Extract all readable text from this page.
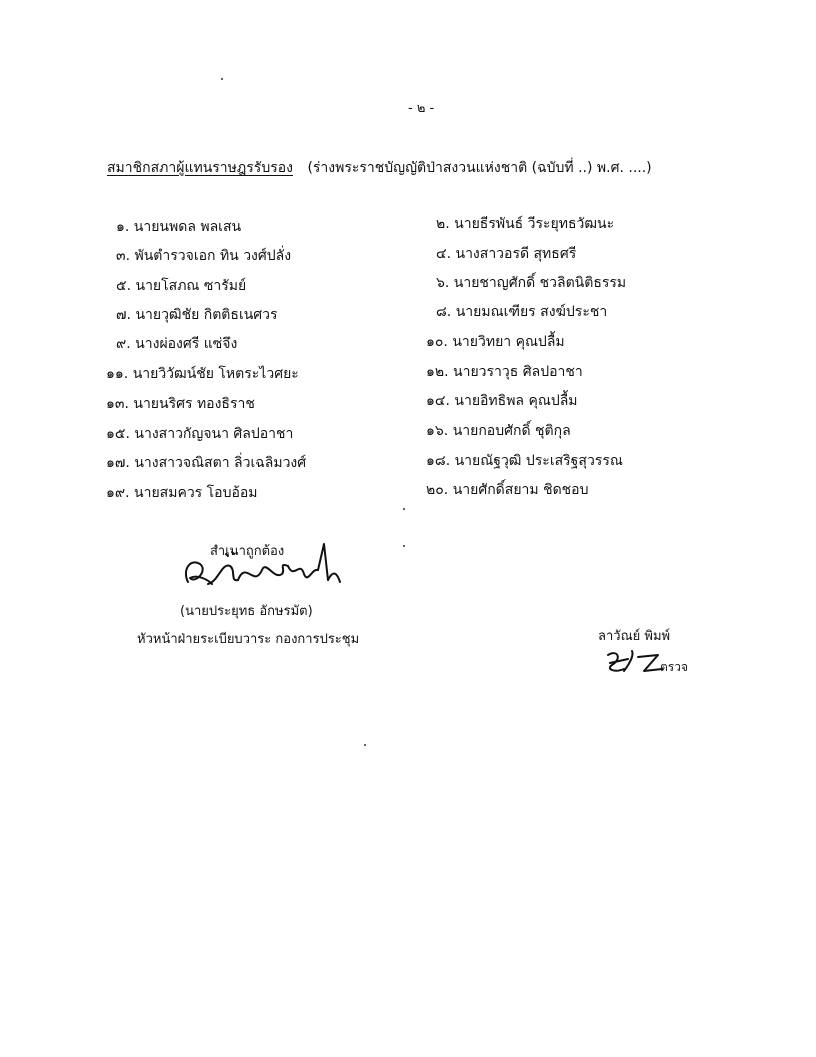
- ๒ -
สมาชิกสภาผู้แทนราษฎรรับรอง (ร่างพระราชบัญญัติป่าสงวนแห่งชาติ (ฉบับที่ ..) พ.ศ. ....)
๑. นายนพดล พลเสน
๓. พันตำรวจเอก ทิน วงศ์ปลั่ง
๕. นายโสภณ ซารัมย์
๗. นายวุฒิชัย กิตติธเนศวร
๙. นางผ่องศรี แซ่จึง
๑๑. นายวิวัฒน์ชัย โหตระไวศยะ
๑๓. นายนริศร ทองธิราช
๑๕. นางสาวกัญจนา ศิลปอาชา
๑๗. นางสาวจณิสตา ลิ่วเฉลิมวงศ์
๑๙. นายสมควร โอบอ้อม
๒. นายธีรพันธ์ วีระยุทธวัฒนะ
๔. นางสาวอรดี สุทธศรี
๖. นายชาญศักดิ์ ชวลิตนิติธรรม
๘. นายมณเฑียร สงฆ์ประชา
๑๐. นายวิทยา คุณปลื้ม
๑๒. นายวราวุธ ศิลปอาชา
๑๔. นายอิทธิพล คุณปลื้ม
๑๖. นายกอบศักดิ์ ชุติกุล
๑๘. นายณัฐวุฒิ ประเสริฐสุวรรณ
๒๐. นายศักดิ์สยาม ชิดชอบ
สำเนาถูกต้อง
(นายประยุทธ อักษรมัต)
หัวหน้าฝ่ายระเบียบวาระ กองการประชุม	ลาวัณย์ พิมพ์
ตรวจ
